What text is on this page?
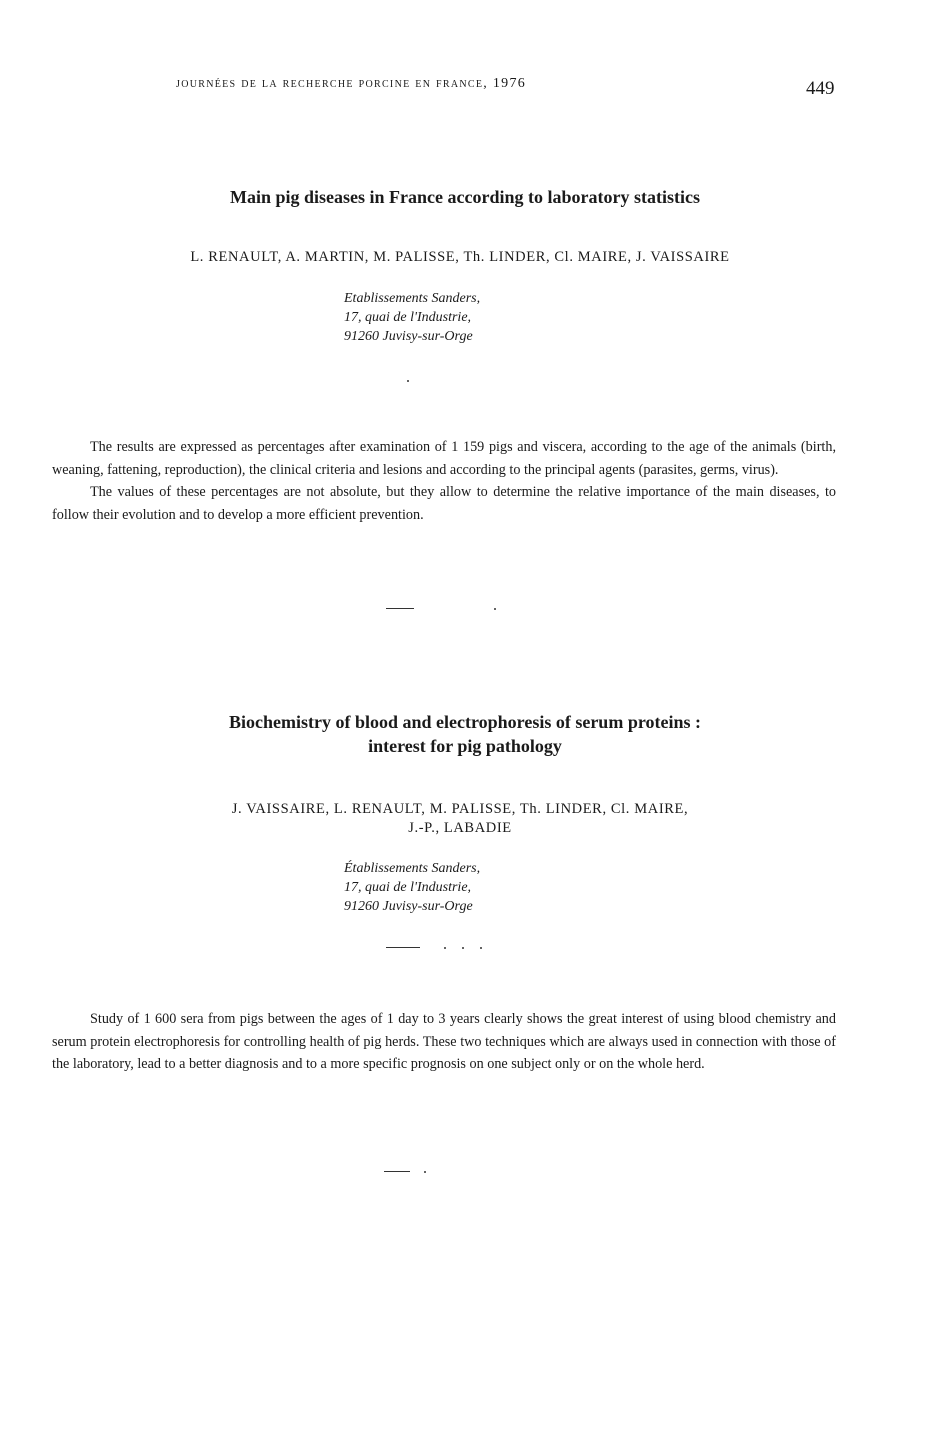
journées de la recherche porcine en france, 1976	449
Main pig diseases in France according to laboratory statistics
L. RENAULT, A. MARTIN, M. PALISSE, Th. LINDER, Cl. MAIRE, J. VAISSAIRE
Etablissements Sanders,
17, quai de l'Industrie,
91260 Juvisy-sur-Orge

The results are expressed as percentages after examination of 1 159 pigs and viscera, according to the age of the animals (birth, weaning, fattening, reproduction), the clinical criteria and lesions and according to the principal agents (parasites, germs, virus).

The values of these percentages are not absolute, but they allow to determine the relative importance of the main diseases, to follow their evolution and to develop a more efficient prevention.

Biochemistry of blood and electrophoresis of serum proteins :
interest for pig pathology
J. VAISSAIRE, L. RENAULT, M. PALISSE, Th. LINDER, Cl. MAIRE,
J.-P., LABADIE
Établissements Sanders,
17, quai de l'Industrie,
91260 Juvisy-sur-Orge

Study of 1 600 sera from pigs between the ages of 1 day to 3 years clearly shows the great interest of using blood chemistry and serum protein electrophoresis for controlling health of pig herds. These two techniques which are always used in connection with those of the laboratory, lead to a better diagnosis and to a more specific prognosis on one subject only or on the whole herd.
